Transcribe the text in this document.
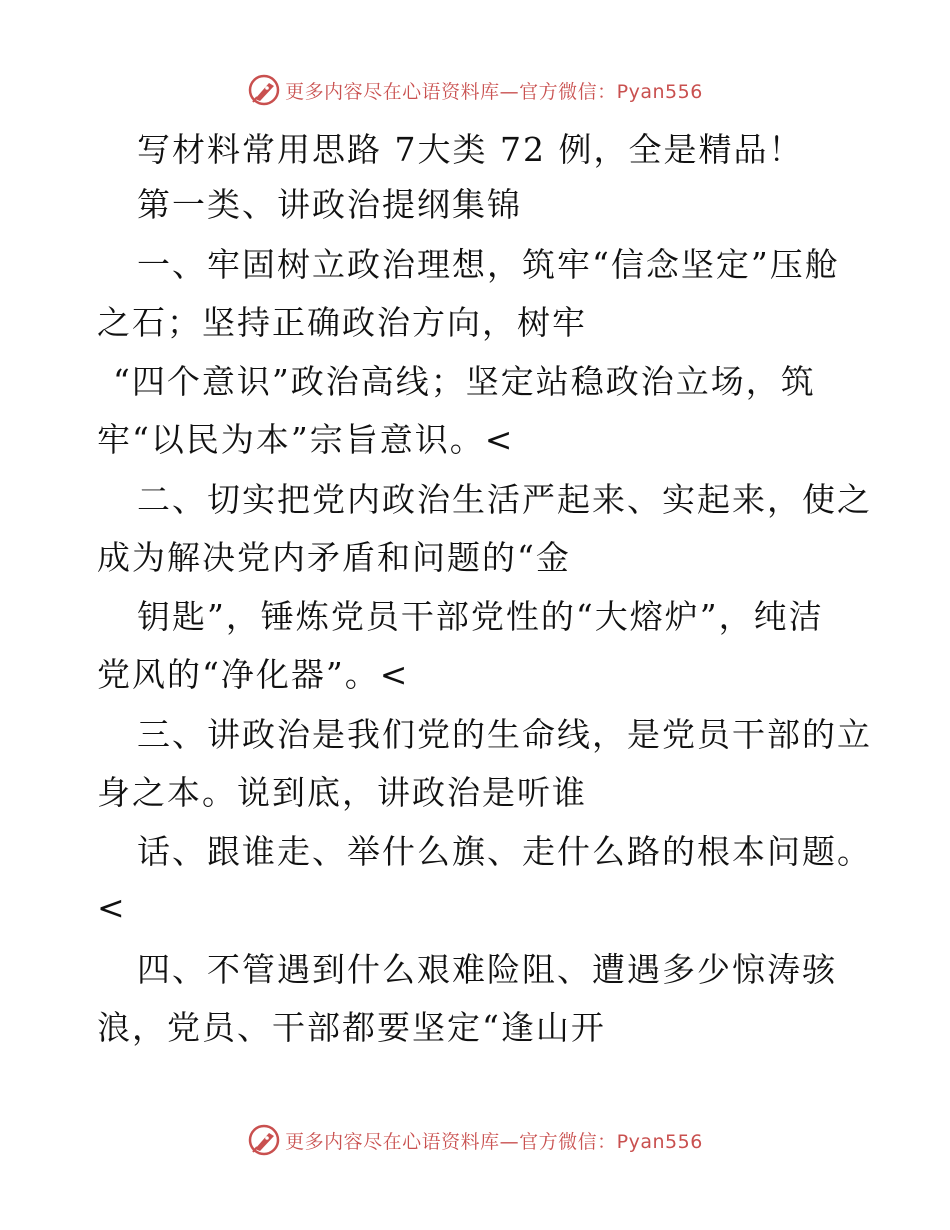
更多内容尽在心语资料库—官方微信：Pyan556
写材料常用思路 7大类 72 例，全是精品！
第一类、讲政治提纲集锦
一、牢固树立政治理想，筑牢“信念坚定”压舱
之石；坚持正确政治方向，树牢
“四个意识”政治高线；坚定站稳政治立场，筑
牢“以民为本”宗旨意识。<
二、切实把党内政治生活严起来、实起来，使之
成为解决党内矛盾和问题的“金
钥匙”，锤炼党员干部党性的“大熔炉”，纯洁
党风的“净化器”。<
三、讲政治是我们党的生命线，是党员干部的立
身之本。说到底，讲政治是听谁
话、跟谁走、举什么旗、走什么路的根本问题。
<
四、不管遇到什么艰难险阻、遭遇多少惊涛骇
浪，党员、干部都要坚定“逢山开
更多内容尽在心语资料库—官方微信：Pyan556
